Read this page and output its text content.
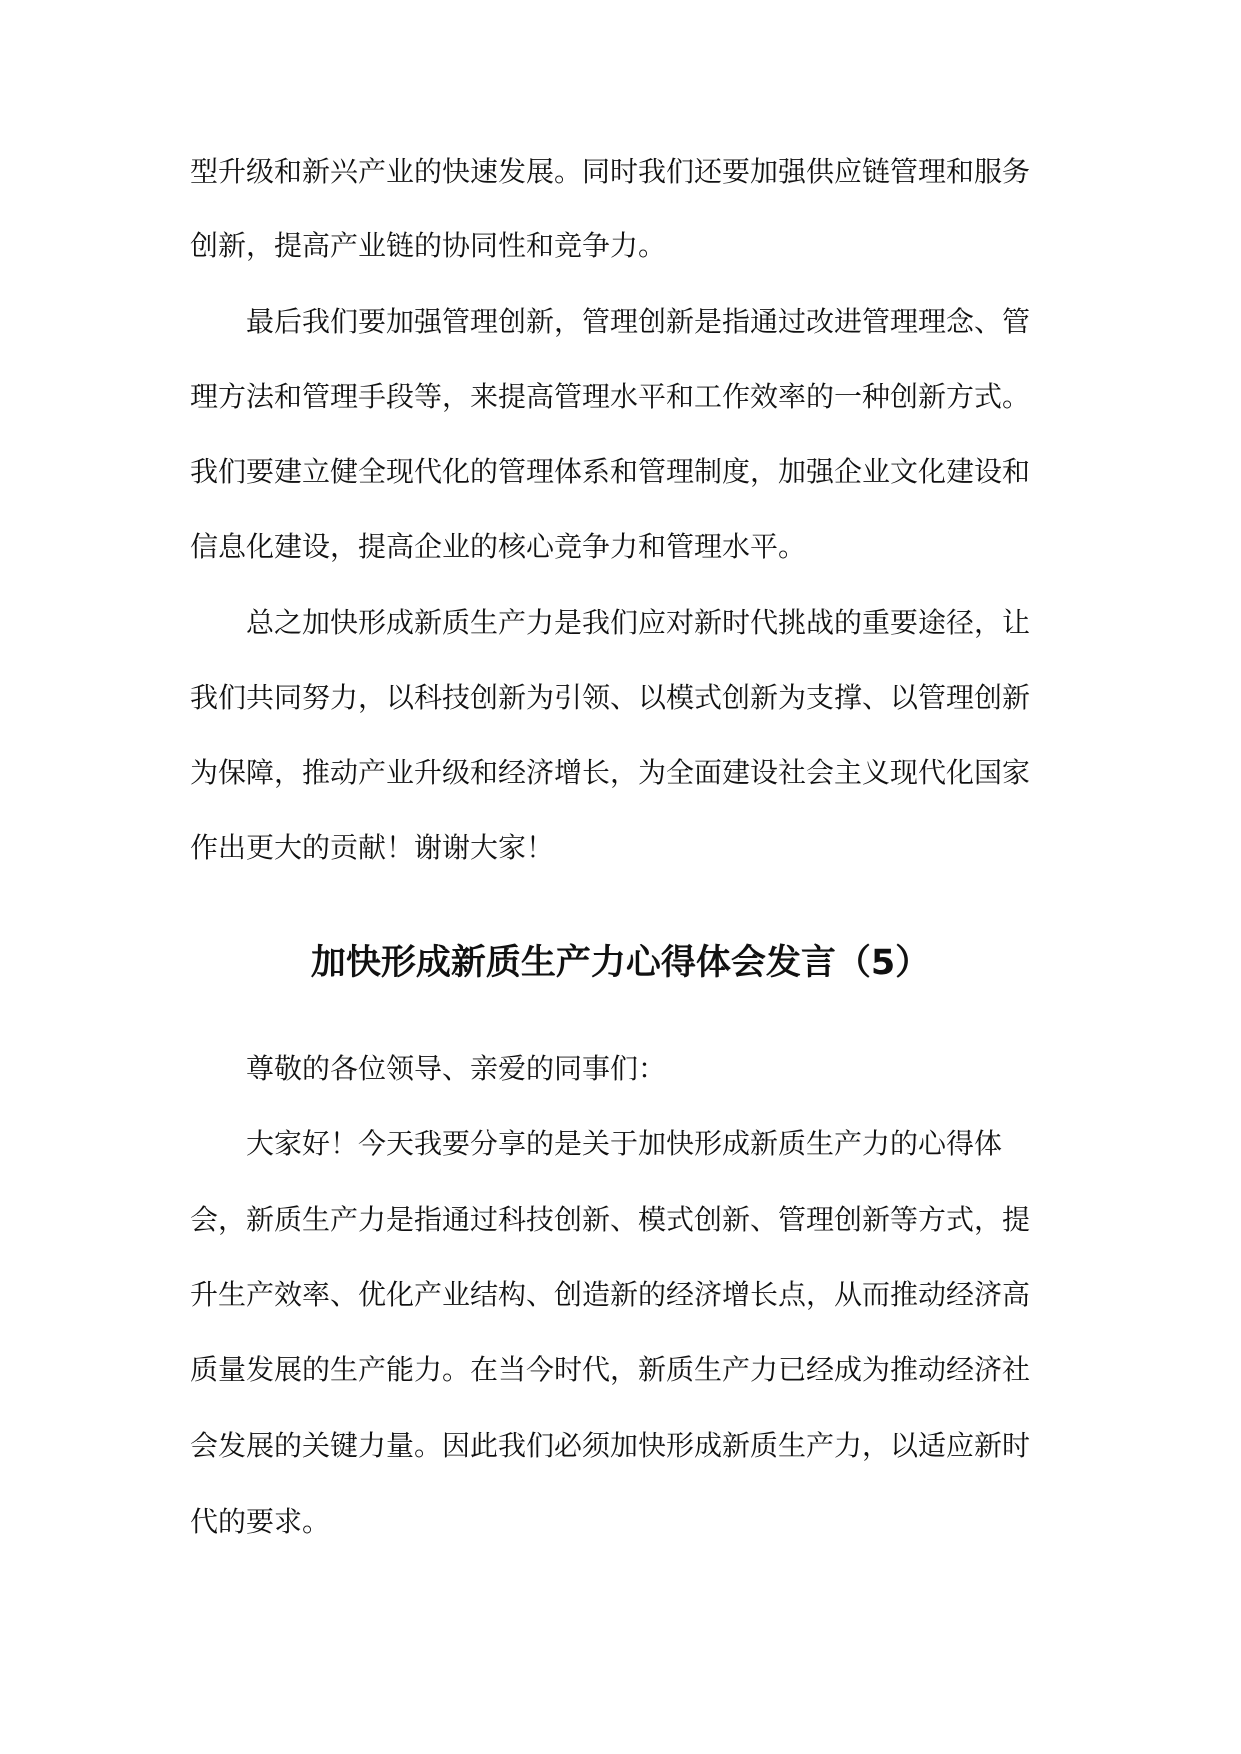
型升级和新兴产业的快速发展。同时我们还要加强供应链管理和服务
创新，提高产业链的协同性和竞争力。
最后我们要加强管理创新，管理创新是指通过改进管理理念、管
理方法和管理手段等，来提高管理水平和工作效率的一种创新方式。
我们要建立健全现代化的管理体系和管理制度，加强企业文化建设和
信息化建设，提高企业的核心竞争力和管理水平。
总之加快形成新质生产力是我们应对新时代挑战的重要途径，让
我们共同努力，以科技创新为引领、以模式创新为支撑、以管理创新
为保障，推动产业升级和经济增长，为全面建设社会主义现代化国家
作出更大的贡献！谢谢大家！
加快形成新质生产力心得体会发言（5）
尊敬的各位领导、亲爱的同事们：
大家好！今天我要分享的是关于加快形成新质生产力的心得体
会，新质生产力是指通过科技创新、模式创新、管理创新等方式，提
升生产效率、优化产业结构、创造新的经济增长点，从而推动经济高
质量发展的生产能力。在当今时代，新质生产力已经成为推动经济社
会发展的关键力量。因此我们必须加快形成新质生产力，以适应新时
代的要求。
